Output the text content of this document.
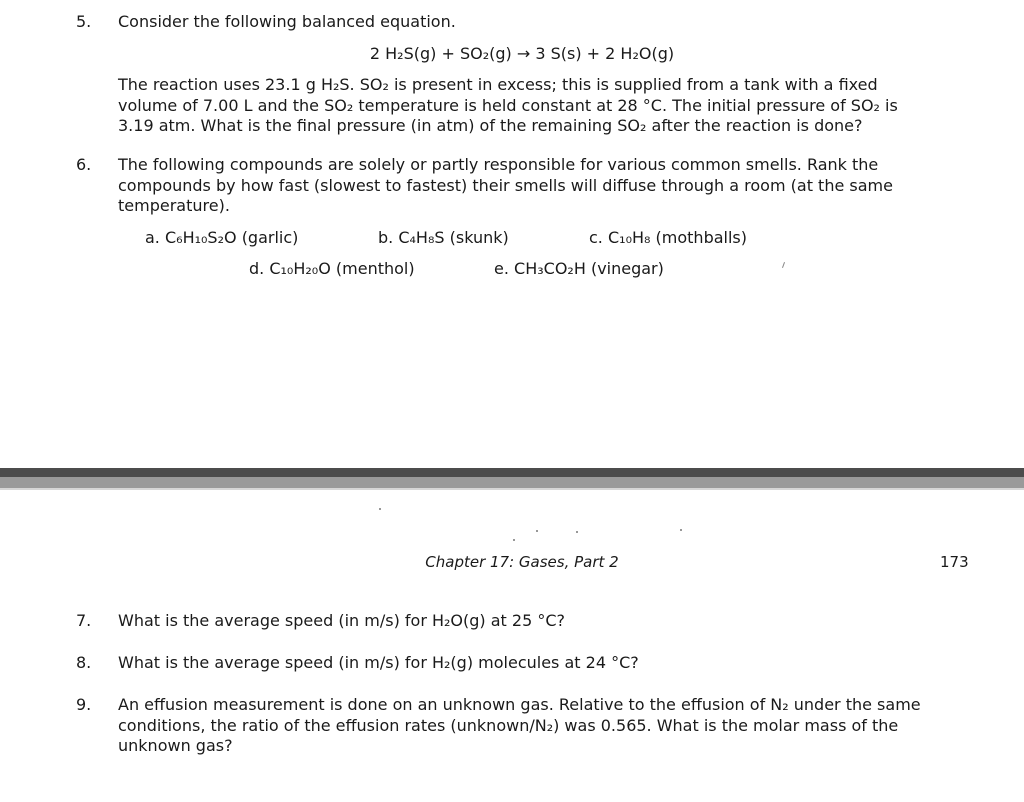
5. Consider the following balanced equation.
2 H₂S(g) + SO₂(g) → 3 S(s) + 2 H₂O(g)
The reaction uses 23.1 g H₂S. SO₂ is present in excess; this is supplied from a tank with a fixed
volume of 7.00 L and the SO₂ temperature is held constant at 28 °C. The initial pressure of SO₂ is
3.19 atm. What is the final pressure (in atm) of the remaining SO₂ after the reaction is done?
6. The following compounds are solely or partly responsible for various common smells. Rank the
compounds by how fast (slowest to fastest) their smells will diffuse through a room (at the same
temperature).
a. C₆H₁₀S₂O (garlic)	b. C₄H₈S (skunk)	c. C₁₀H₈ (mothballs)
d. C₁₀H₂₀O (menthol)	e. CH₃CO₂H (vinegar)
Chapter 17: Gases, Part 2	173
7. What is the average speed (in m/s) for H₂O(g) at 25 °C?
8. What is the average speed (in m/s) for H₂(g) molecules at 24 °C?
9. An effusion measurement is done on an unknown gas. Relative to the effusion of N₂ under the same
conditions, the ratio of the effusion rates (unknown/N₂) was 0.565. What is the molar mass of the
unknown gas?
